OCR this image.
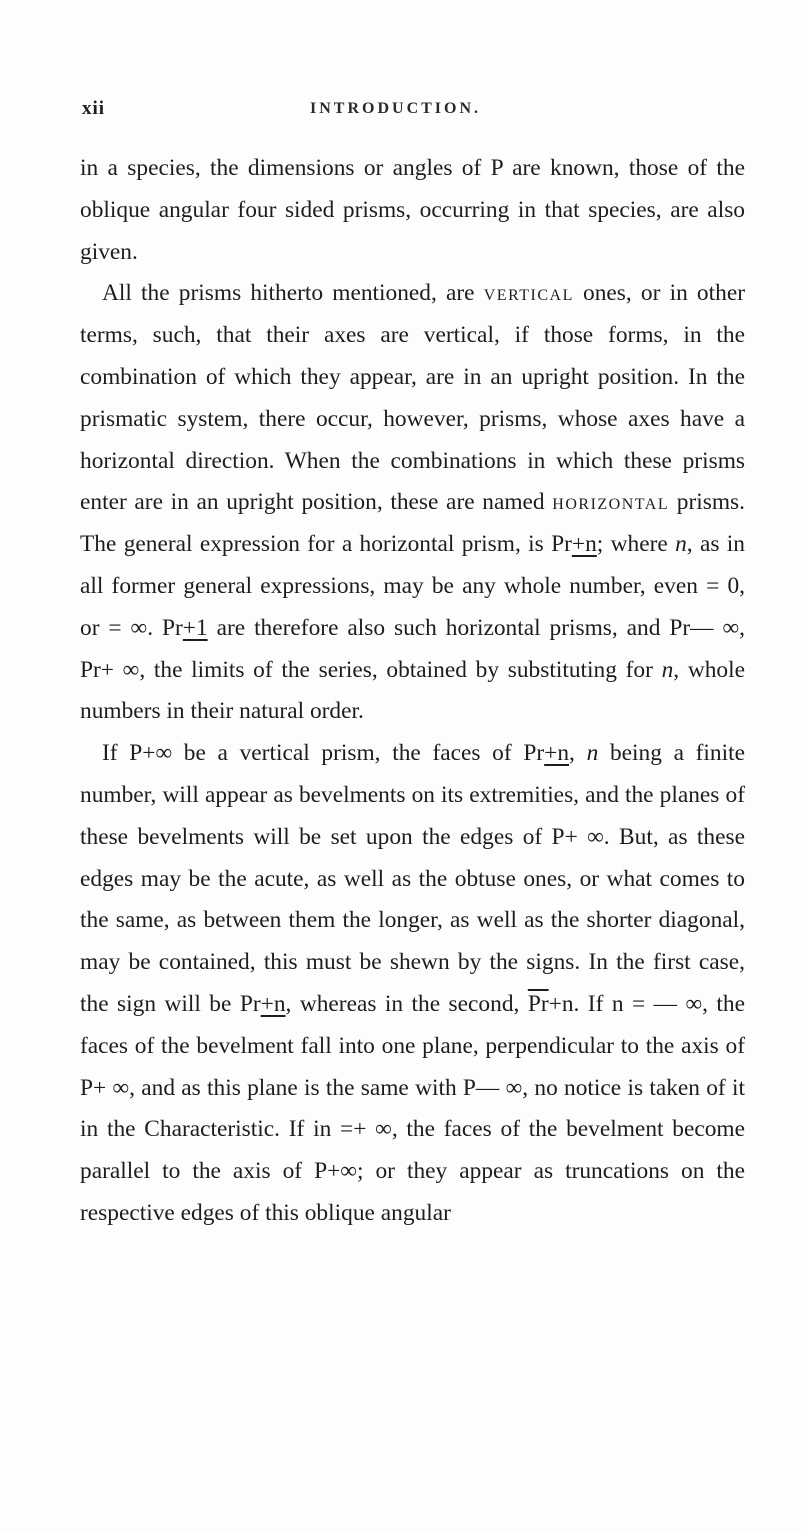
xii	INTRODUCTION.

in a species, the dimensions or angles of P are known, those of the oblique angular four sided prisms, occurring in that species, are also given.

All the prisms hitherto mentioned, are vertical ones, or in other terms, such, that their axes are vertical, if those forms, in the combination of which they appear, are in an upright position. In the prismatic system, there occur, however, prisms, whose axes have a horizontal direction. When the combinations in which these prisms enter are in an upright position, these are named horizontal prisms. The general expression for a horizontal prism, is Pr+n; where n, as in all former general expressions, may be any whole number, even = 0, or = ∞. Pr+1 are therefore also such horizontal prisms, and Pr— ∞, Pr+ ∞, the limits of the series, obtained by substituting for n, whole numbers in their natural order.

If P+∞ be a vertical prism, the faces of Pr+n, n being a finite number, will appear as bevelments on its extremities, and the planes of these bevelments will be set upon the edges of P+ ∞. But, as these edges may be the acute, as well as the obtuse ones, or what comes to the same, as between them the longer, as well as the shorter diagonal, may be contained, this must be shewn by the signs. In the first case, the sign will be Pr+n, whereas in the second, $\overline{Pr}+n$. If n = — ∞, the faces of the bevelment fall into one plane, perpendicular to the axis of P+ ∞, and as this plane is the same with P— ∞, no notice is taken of it in the Characteristic. If in =+ ∞, the faces of the bevelment become parallel to the axis of P+∞; or they appear as truncations on the respective edges of this oblique angular
